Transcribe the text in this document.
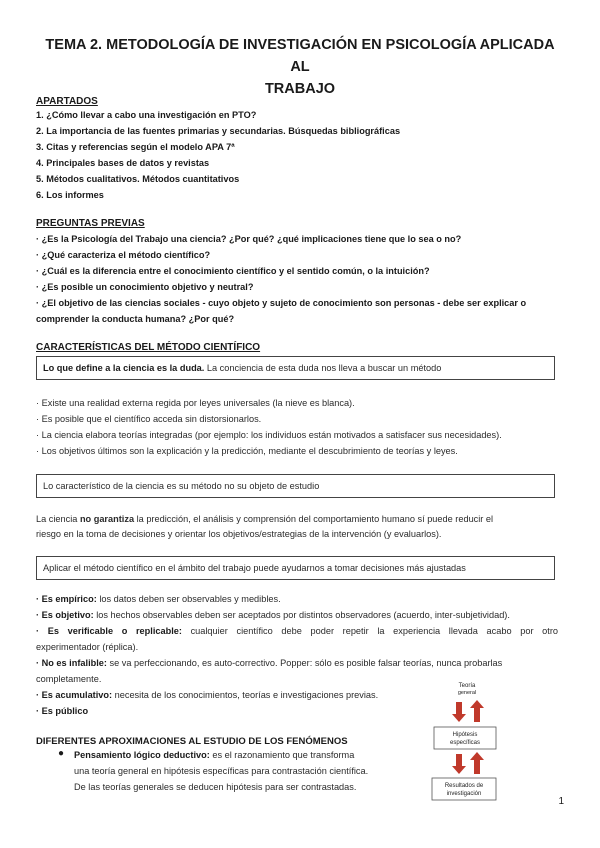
TEMA 2. METODOLOGÍA DE INVESTIGACIÓN EN PSICOLOGÍA APLICADA AL
TRABAJO
APARTADOS
1. ¿Cómo llevar a cabo una investigación en PTO?
2. La importancia de las fuentes primarias y secundarias. Búsquedas bibliográficas
3. Citas y referencias según el modelo APA 7ª
4. Principales bases de datos y revistas
5. Métodos cualitativos. Métodos cuantitativos
6. Los informes
PREGUNTAS PREVIAS
· ¿Es la Psicología del Trabajo una ciencia? ¿Por qué? ¿qué implicaciones tiene que lo sea o no?
· ¿Qué caracteriza el método científico?
· ¿Cuál es la diferencia entre el conocimiento científico y el sentido común, o la intuición?
· ¿Es posible un conocimiento objetivo y neutral?
· ¿El objetivo de las ciencias sociales - cuyo objeto y sujeto de conocimiento son personas - debe ser explicar o
comprender la conducta humana? ¿Por qué?
CARACTERÍSTICAS DEL MÉTODO CIENTÍFICO
Lo que define a la ciencia es la duda. La conciencia de esta duda nos lleva a buscar un método
· Existe una realidad externa regida por leyes universales (la nieve es blanca).
· Es posible que el científico acceda sin distorsionarlos.
· La ciencia elabora teorías integradas (por ejemplo: los individuos están motivados a satisfacer sus necesidades).
· Los objetivos últimos son la explicación y la predicción, mediante el descubrimiento de teorías y leyes.
Lo característico de la ciencia es su método no su objeto de estudio
La ciencia no garantiza la predicción, el análisis y comprensión del comportamiento humano sí puede reducir el
riesgo en la toma de decisiones y orientar los objetivos/estrategias de la intervención (y evaluarlos).
Aplicar el método científico en el ámbito del trabajo puede ayudarnos a tomar decisiones más ajustadas
· Es empírico: los datos deben ser observables y medibles.
· Es objetivo: los hechos observables deben ser aceptados por distintos observadores (acuerdo, inter-subjetividad).
· Es verificable o replicable: cualquier científico debe poder repetir la experiencia llevada acabo por otro
experimentador (réplica).
· No es infalible: se va perfeccionando, es auto-correctivo. Popper: sólo es posible falsar teorías, nunca probarlas
completamente.
· Es acumulativo: necesita de los conocimientos, teorías e investigaciones previas.
· Es público
DIFERENTES APROXIMACIONES AL ESTUDIO DE LOS FENÓMENOS
● Pensamiento lógico deductivo: es el razonamiento que transforma
una teoría general en hipótesis específicas para contrastación científica.
De las teorías generales se deducen hipótesis para ser contrastadas.
Teoría
general
Hipótesis
específicas
Resultados de
investigación
1
